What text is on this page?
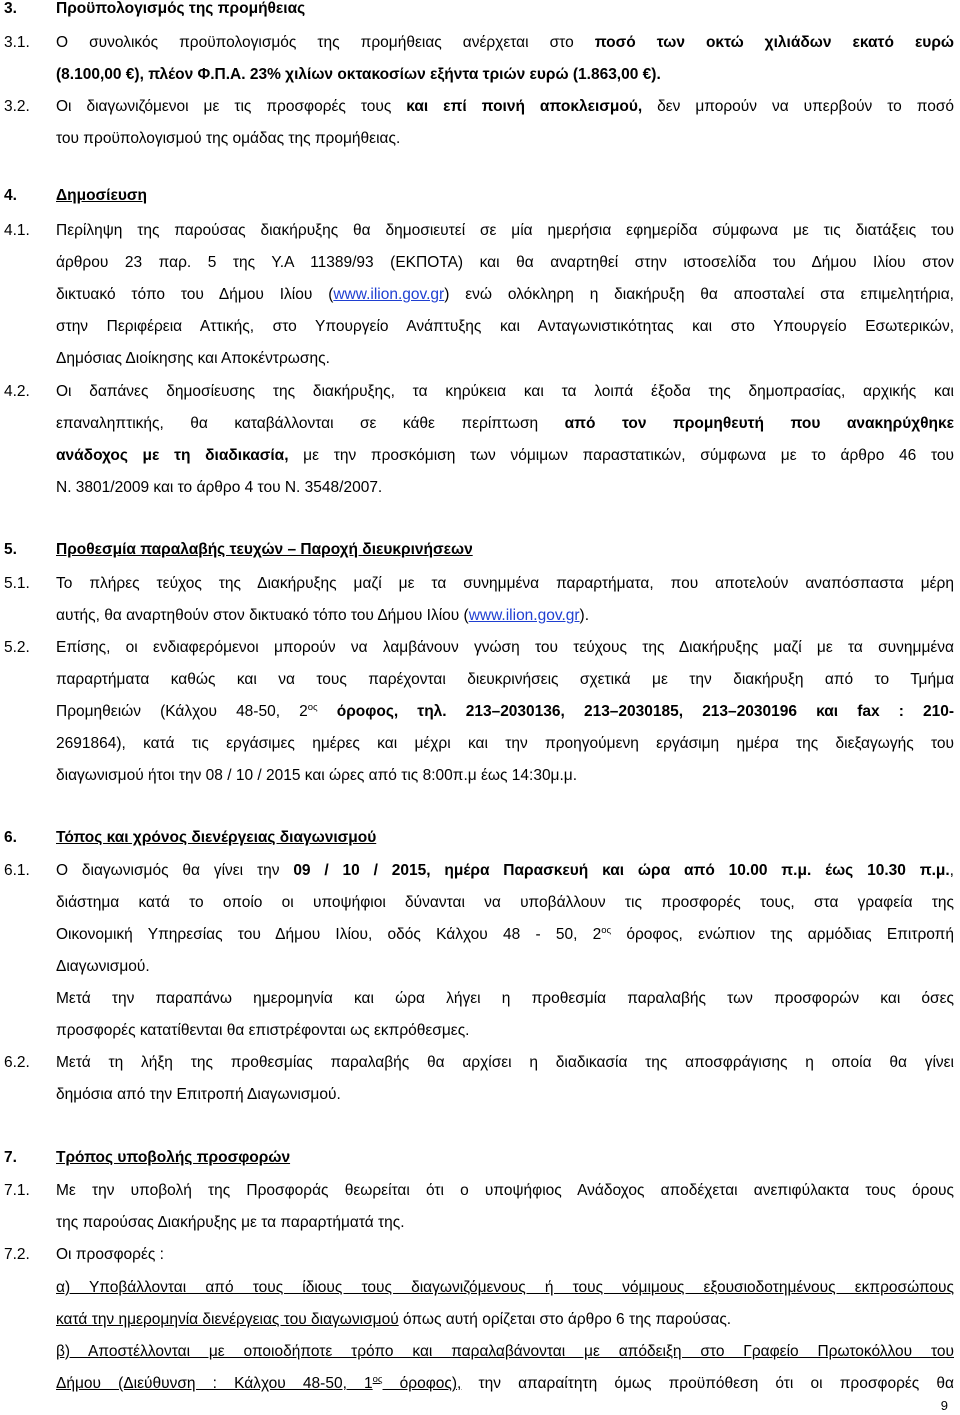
3.	Προϋπολογισμός της προμήθειας
3.1. Ο συνολικός προϋπολογισμός της προμήθειας ανέρχεται στο ποσό των οκτώ χιλιάδων εκατό ευρώ
(8.100,00 €), πλέον Φ.Π.Α. 23% χιλίων οκτακοσίων εξήντα τριών ευρώ (1.863,00 €).
3.2. Οι διαγωνιζόμενοι με τις προσφορές τους και επί ποινή αποκλεισμού, δεν μπορούν να υπερβούν το ποσό
του προϋπολογισμού της ομάδας της προμήθειας.
4.	Δημοσίευση
4.1. Περίληψη της παρούσας διακήρυξης θα δημοσιευτεί σε μία ημερήσια εφημερίδα σύμφωνα με τις διατάξεις του
άρθρου 23 παρ. 5 της Υ.Α 11389/93 (ΕΚΠΟΤΑ) και θα αναρτηθεί στην ιστοσελίδα του Δήμου Ιλίου στον
δικτυακό τόπο του Δήμου Ιλίου (www.ilion.gov.gr) ενώ ολόκληρη η διακήρυξη θα αποσταλεί στα επιμελητήρια,
στην Περιφέρεια Αττικής, στο Υπουργείο Ανάπτυξης και Ανταγωνιστικότητας και στο Υπουργείο Εσωτερικών,
Δημόσιας Διοίκησης και Αποκέντρωσης.
4.2. Οι δαπάνες δημοσίευσης της διακήρυξης, τα κηρύκεια και τα λοιπά έξοδα της δημοπρασίας, αρχικής και
επαναληπτικής, θα καταβάλλονται σε κάθε περίπτωση από τον προμηθευτή που ανακηρύχθηκε
ανάδοχος με τη διαδικασία, με την προσκόμιση των νόμιμων παραστατικών, σύμφωνα με το άρθρο 46 του
Ν. 3801/2009 και το άρθρο 4 του Ν. 3548/2007.
5.	Προθεσμία παραλαβής τευχών – Παροχή διευκρινήσεων
5.1. Το πλήρες τεύχος της Διακήρυξης μαζί με τα συνημμένα παραρτήματα, που αποτελούν αναπόσπαστα μέρη
αυτής, θα αναρτηθούν στον δικτυακό τόπο του Δήμου Ιλίου (www.ilion.gov.gr).
5.2. Επίσης, οι ενδιαφερόμενοι μπορούν να λαμβάνουν γνώση του τεύχους της Διακήρυξης μαζί με τα συνημμένα
παραρτήματα καθώς και να τους παρέχονται διευκρινήσεις σχετικά με την διακήρυξη από το Τμήμα
Προμηθειών (Κάλχου 48-50, $2^{o\varsigma}$ όροφος, τηλ. 213–2030136, 213–2030185, 213–2030196 και fax : 210-
2691864), κατά τις εργάσιμες ημέρες και μέχρι και την προηγούμενη εργάσιμη ημέρα της διεξαγωγής του
διαγωνισμού ήτοι την 08 / 10 / 2015 και ώρες από τις 8:00π.μ έως 14:30μ.μ.
6.	Τόπος και χρόνος διενέργειας διαγωνισμού
6.1. Ο διαγωνισμός θα γίνει την 09 / 10 / 2015, ημέρα Παρασκευή και ώρα από 10.00 π.μ. έως 10.30 π.μ.,
διάστημα κατά το οποίο οι υποψήφιοι δύνανται να υποβάλλουν τις προσφορές τους, στα γραφεία της
Οικονομική Υπηρεσίας του Δήμου Ιλίου, οδός Κάλχου 48 - 50, $2^{o\varsigma}$ όροφος, ενώπιον της αρμόδιας Επιτροπή
Διαγωνισμού.
Μετά την παραπάνω ημερομηνία και ώρα λήγει η προθεσμία παραλαβής των προσφορών και όσες
προσφορές κατατίθενται θα επιστρέφονται ως εκπρόθεσμες.
6.2. Μετά τη λήξη της προθεσμίας παραλαβής θα αρχίσει η διαδικασία της αποσφράγισης η οποία θα γίνει
δημόσια από την Επιτροπή Διαγωνισμού.
7.	Τρόπος υποβολής προσφορών
7.1. Με την υποβολή της Προσφοράς θεωρείται ότι ο υποψήφιος Ανάδοχος αποδέχεται ανεπιφύλακτα τους όρους
της παρούσας Διακήρυξης με τα παραρτήματά της.
7.2. Οι προσφορές :
α) Υποβάλλονται από τους ίδιους τους διαγωνιζόμενους ή τους νόμιμους εξουσιοδοτημένους εκπροσώπους
κατά την ημερομηνία διενέργειας του διαγωνισμού όπως αυτή ορίζεται στο άρθρο 6 της παρούσας.
β) Αποστέλλονται με οποιοδήποτε τρόπο και παραλαβάνονται με απόδειξη στο Γραφείο Πρωτοκόλλου του
Δήμου (Διεύθυνση : Κάλχου 48-50, $1^{o\varsigma}$ όροφος), την απαραίτητη όμως προϋπόθεση ότι οι προσφορές θα
9
